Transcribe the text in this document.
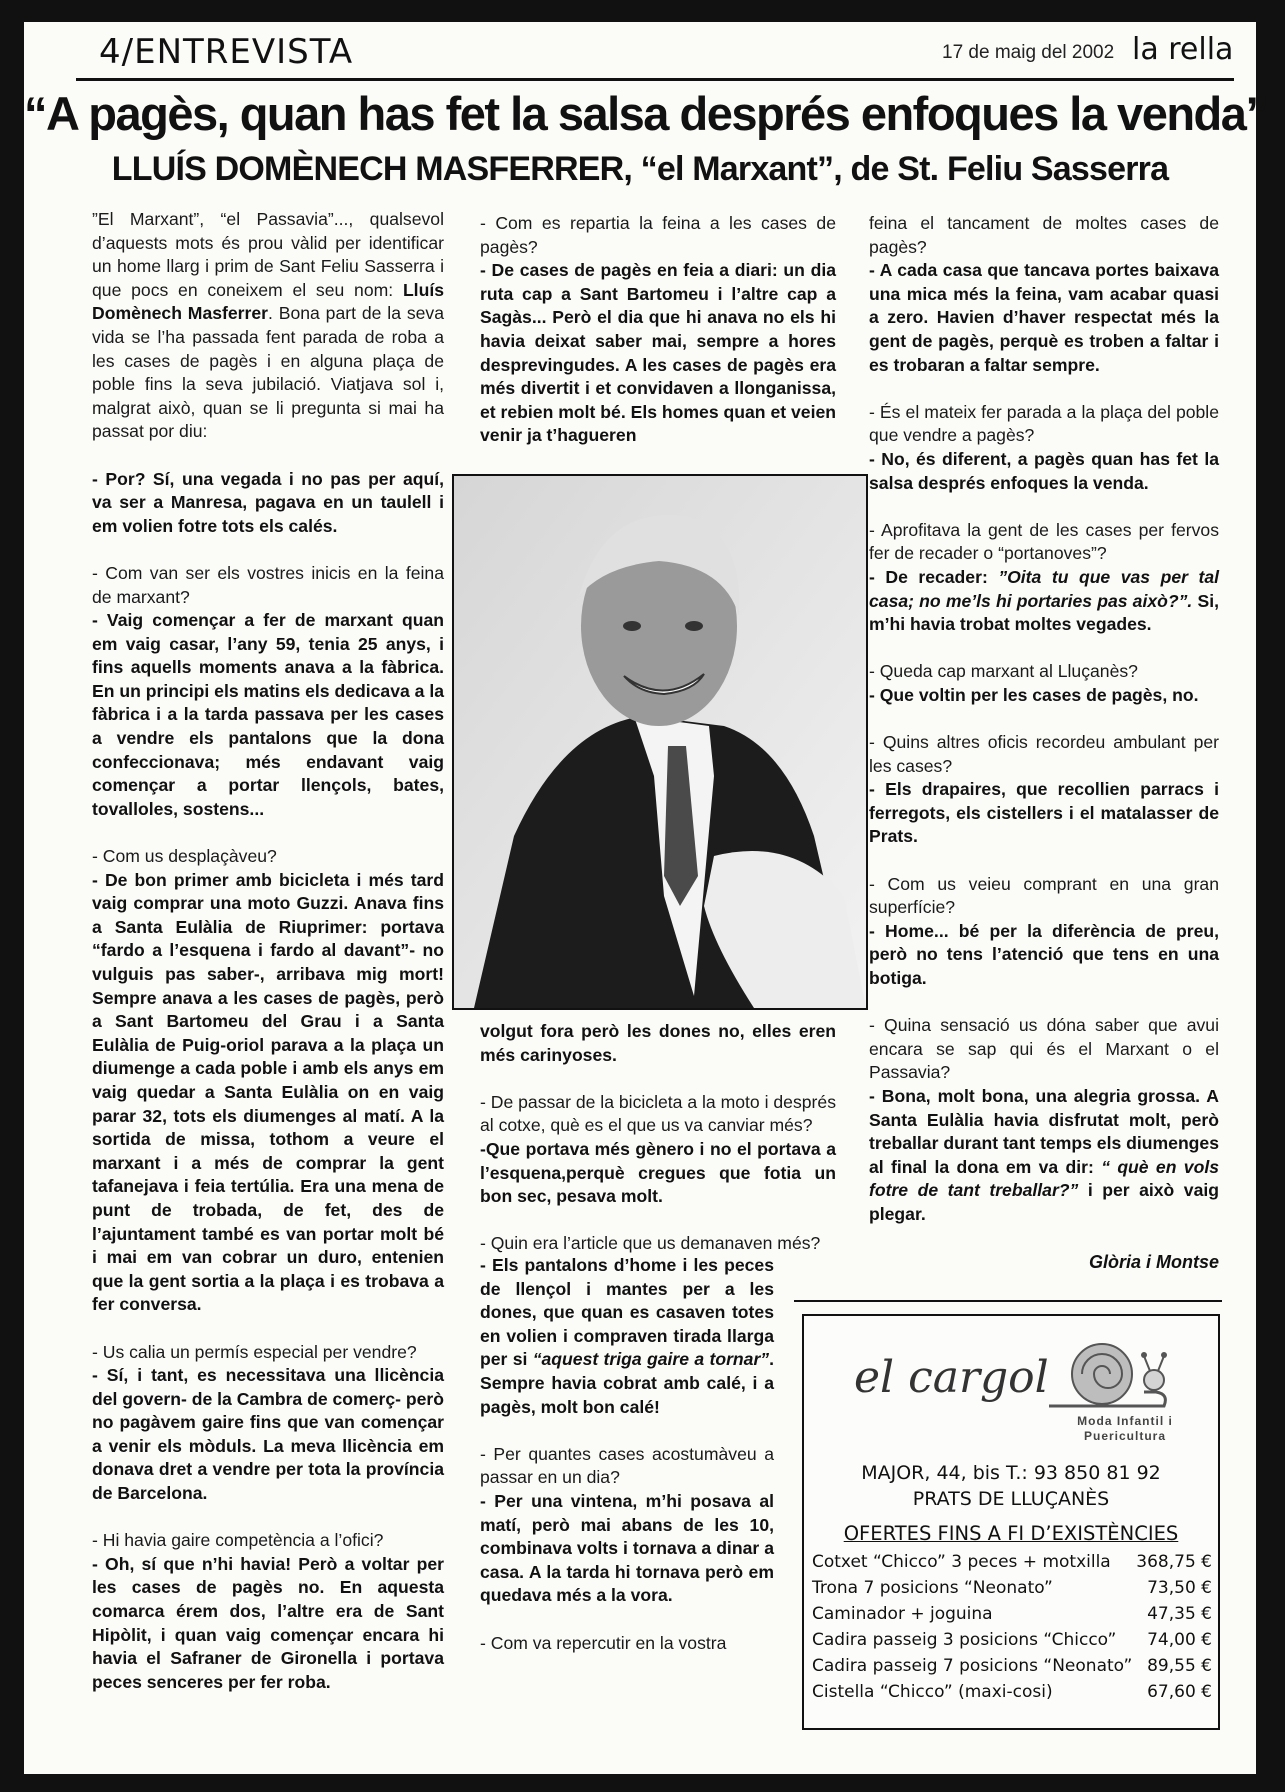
4/ENTREVISTA	17 de maig del 2002 la rella
“A pagès, quan has fet la salsa després enfoques la venda”
LLUÍS DOMÈNECH MASFERRER, “el Marxant”, de St. Feliu Sasserra

”El Marxant”, “el Passavia”..., qualsevol d’aquests mots és prou vàlid per identificar un home llarg i prim de Sant Feliu Sasserra i que pocs en coneixem el seu nom: Lluís Domènech Masferrer. Bona part de la seva vida se l’ha passada fent parada de roba a les cases de pagès i en alguna plaça de poble fins la seva jubilació. Viatjava sol i, malgrat això, quan se li pregunta si mai ha passat por diu:

- Por? Sí, una vegada i no pas per aquí, va ser a Manresa, pagava en un taulell i em volien fotre tots els calés.

- Com van ser els vostres inicis en la feina de marxant?
- Vaig començar a fer de marxant quan em vaig casar, l’any 59, tenia 25 anys, i fins aquells moments anava a la fàbrica. En un principi els matins els dedicava a la fàbrica i a la tarda passava per les cases a vendre els pantalons que la dona confeccionava; més endavant vaig començar a portar llençols, bates, tovalloles, sostens...

- Com us desplaçàveu?
- De bon primer amb bicicleta i més tard vaig comprar una moto Guzzi. Anava fins a Santa Eulàlia de Riuprimer: portava “fardo a l’esquena i fardo al davant”- no vulguis pas saber-, arribava mig mort! Sempre anava a les cases de pagès, però a Sant Bartomeu del Grau i a Santa Eulàlia de Puig-oriol parava a la plaça un diumenge a cada poble i amb els anys em vaig quedar a Santa Eulàlia on en vaig parar 32, tots els diumenges al matí. A la sortida de missa, tothom a veure el marxant i a més de comprar la gent tafanejava i feia tertúlia. Era una mena de punt de trobada, de fet, des de l’ajuntament també es van portar molt bé i mai em van cobrar un duro, entenien que la gent sortia a la plaça i es trobava a fer conversa.

- Us calia un permís especial per vendre?
- Sí, i tant, es necessitava una llicència del govern- de la Cambra de comerç- però no pagàvem gaire fins que van començar a venir els mòduls. La meva llicència em donava dret a vendre per tota la província de Barcelona.

- Hi havia gaire competència a l’ofici?
- Oh, sí que n’hi havia! Però a voltar per les cases de pagès no. En aquesta comarca érem dos, l’altre era de Sant Hipòlit, i quan vaig començar encara hi havia el Safraner de Gironella i portava peces senceres per fer roba.

- Com es repartia la feina a les cases de pagès?
- De cases de pagès en feia a diari: un dia ruta cap a Sant Bartomeu i l’altre cap a Sagàs... Però el dia que hi anava no els hi havia deixat saber mai, sempre a hores desprevingudes. A les cases de pagès era més divertit i et convidaven a llonganissa, et rebien molt bé. Els homes quan et veien venir ja t’hagueren

volgut fora però les dones no, elles eren més carinyoses.

- De passar de la bicicleta a la moto i després al cotxe, què es el que us va canviar més?
-Que portava més gènero i no el portava a l’esquena,perquè cregues que fotia un bon sec, pesava molt.

- Quin era l’article que us demanaven més?

- Els pantalons d’home i les peces de llençol i mantes per a les dones, que quan es casaven totes en volien i compraven tirada llarga per si “aquest triga gaire a tornar”. Sempre havia cobrat amb calé, i a pagès, molt bon calé!

- Per quantes cases acostumàveu a passar en un dia?
- Per una vintena, m’hi posava al matí, però mai abans de les 10, combinava volts i tornava a dinar a casa. A la tarda hi tornava però em quedava més a la vora.

- Com va repercutir en la vostra

feina el tancament de moltes cases de pagès?
- A cada casa que tancava portes baixava una mica més la feina, vam acabar quasi a zero. Havien d’haver respectat més la gent de pagès, perquè es troben a faltar i es trobaran a faltar sempre.

- És el mateix fer parada a la plaça del poble que vendre a pagès?
- No, és diferent, a pagès quan has fet la salsa després enfoques la venda.

- Aprofitava la gent de les cases per fervos fer de recader o “portanoves”?
- De recader: ”Oita tu que vas per tal casa; no me’ls hi portaries pas això?”. Si, m’hi havia trobat moltes vegades.

- Queda cap marxant al Lluçanès?
- Que voltin per les cases de pagès, no.

- Quins altres oficis recordeu ambulant per les cases?
- Els drapaires, que recollien parracs i ferregots, els cistellers i el matalasser de Prats.

- Com us veieu comprant en una gran superfície?
- Home... bé per la diferència de preu, però no tens l’atenció que tens en una botiga.

- Quina sensació us dóna saber que avui encara se sap qui és el Marxant o el Passavia?
- Bona, molt bona, una alegria grossa. A Santa Eulàlia havia disfrutat molt, però treballar durant tant temps els diumenges al final la dona em va dir: “ què en vols fotre de tant treballar?” i per això vaig plegar.

Glòria i Montse
el cargol
Moda Infantil i
Puericultura
MAJOR, 44, bis T.: 93 850 81 92
PRATS DE LLUÇANÈS
OFERTES FINS A FI D’EXISTÈNCIES
Cotxet “Chicco” 3 peces + motxilla 368,75 €
Trona 7 posicions “Neonato”	73,50 €
Caminador + joguina	47,35 €
Cadira passeig 3 posicions “Chicco” 74,00 €
Cadira passeig 7 posicions “Neonato” 89,55 €
Cistella “Chicco” (maxi-cosi)	67,60 €
